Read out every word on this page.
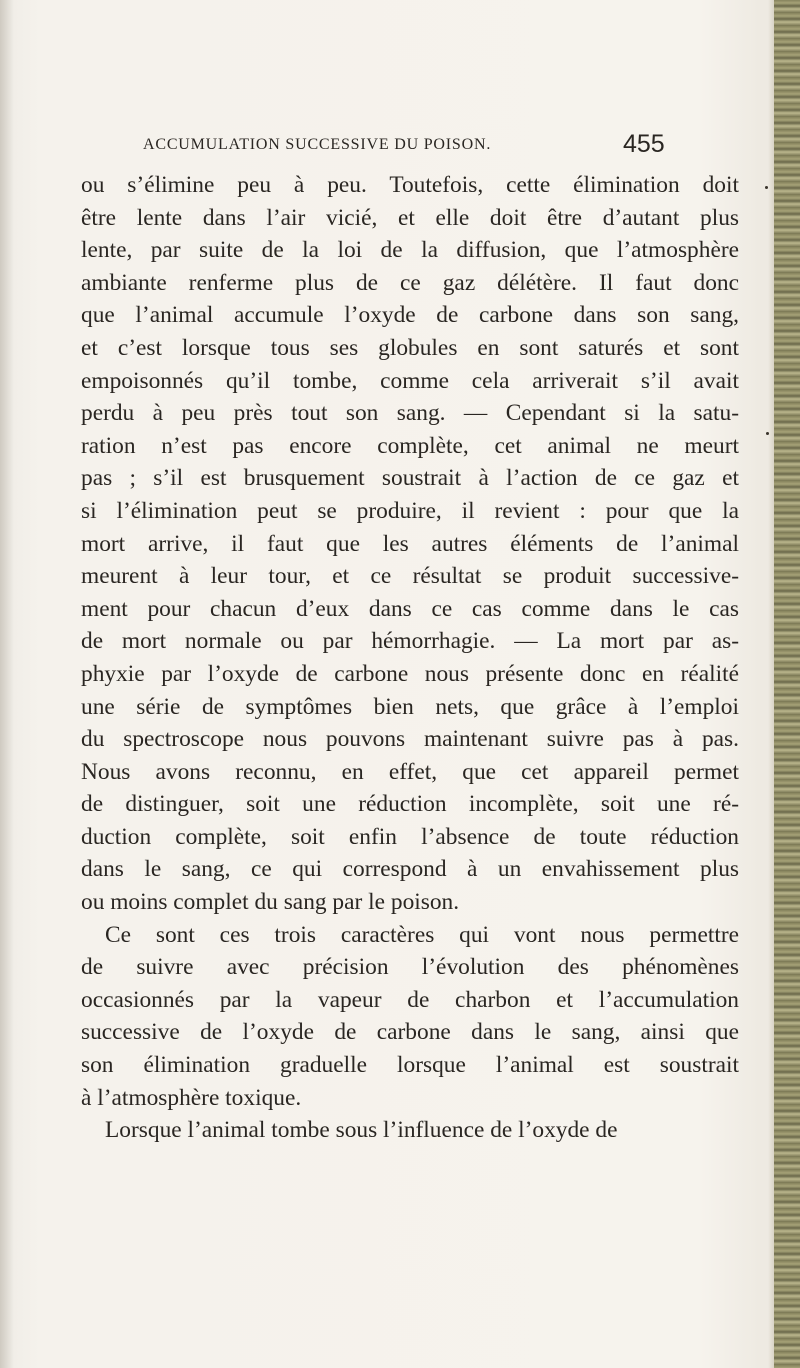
ACCUMULATION SUCCESSIVE DU POISON.	455
ou s’élimine peu à peu. Toutefois, cette élimination doit
être lente dans l’air vicié, et elle doit être d’autant plus
lente, par suite de la loi de la diffusion, que l’atmosphère
ambiante renferme plus de ce gaz délétère. Il faut donc
que l’animal accumule l’oxyde de carbone dans son sang,
et c’est lorsque tous ses globules en sont saturés et sont
empoisonnés qu’il tombe, comme cela arriverait s’il avait
perdu à peu près tout son sang. — Cependant si la satu-
ration n’est pas encore complète, cet animal ne meurt
pas ; s’il est brusquement soustrait à l’action de ce gaz et
si l’élimination peut se produire, il revient : pour que la
mort arrive, il faut que les autres éléments de l’animal
meurent à leur tour, et ce résultat se produit successive-
ment pour chacun d’eux dans ce cas comme dans le cas
de mort normale ou par hémorrhagie. — La mort par as-
phyxie par l’oxyde de carbone nous présente donc en réalité
une série de symptômes bien nets, que grâce à l’emploi
du spectroscope nous pouvons maintenant suivre pas à pas.
Nous avons reconnu, en effet, que cet appareil permet
de distinguer, soit une réduction incomplète, soit une ré-
duction complète, soit enfin l’absence de toute réduction
dans le sang, ce qui correspond à un envahissement plus
ou moins complet du sang par le poison.
Ce sont ces trois caractères qui vont nous permettre
de suivre avec précision l’évolution des phénomènes
occasionnés par la vapeur de charbon et l’accumulation
successive de l’oxyde de carbone dans le sang, ainsi que
son élimination graduelle lorsque l’animal est soustrait
à l’atmosphère toxique.
Lorsque l’animal tombe sous l’influence de l’oxyde de
